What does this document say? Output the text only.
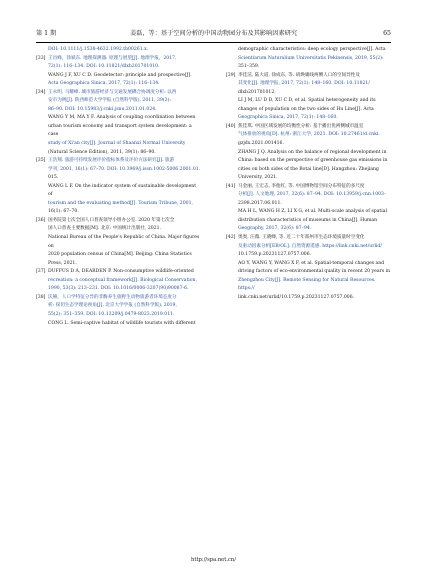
第 1 期	姜磊，等：基于空间分析的中国动物园分布及其影响因素研究	65

DOI: 10.1111/j.1538-4632.1992.tb00261.x.

[33] 王昌峰，徐斌东. 地理探测器: 原理与展望[J]. 地理学报，2017,

72(1): 116–134. DOI: 10.11821/dlxb201701010.

WANG J F, XU C D. Geodetector: principle and prospective[J].

Acta Geographica Sinica, 2017, 72(1): 116–134.

[34] 王永明, 马耀峰. 城市旅游经济与交通发展耦合协调度分析: 以西

安市为例[J]. 陕西师范大学学报 (自然科学版), 2011, 39(3):

86–90. DOI: 10.15983/j.cnki.jsnu.2011.01.024.

WANG Y M, MA Y F. Analysis of coupling coordination between

urban tourism economy and transport system development: a case

study of Xi'an city[J]. Journal of Shaanxi Normal University

(Natural Science Edition), 2011, 39(1): 86–90.

[35] 王浩翔. 旅游可持续发展评价指标体系及评价方法研究[J]. 旅游

学刊, 2001, 16(1): 67–70. DOI: 10.3969/j.issn.1002-5006.2001.01.

015.

WANG L F. On the indicator system of sustainable development of

tourism and the evaluating method[J]. Tourism Tribune, 2001,

16(1): 67–70.

[36] 国务院第七次全国人口普查领导小组办公室. 2020 年第七次全

国人口普查主要数据[M]. 北京: 中国统计出版社, 2021.

National Bureau of the People's Republic of China. Major figures on

2020 population census of China[M]. Beijing: China Statistics

Press, 2021.

[37] DUFFUS D A, DEARDEN P. Non-consumptive wildlife-oriented

recreation: a conceptual framework[J]. Biological Conservation,

1990, 53(3): 213–231. DOI: 10.1016/0006-3207(90)90087-6.

[38] 沃赫，人口学特征分异的非酶养生旅野生动物旅游者环境态度分

析: 探切生态学理论视角[J]. 北京大学学报 (自然科学版), 2019,

55(2): 351–359. DOI: 10.13209/j.0479-8023.2019.011.

CONG L. Semi-captive habitat of wildlife tourists with different

demographic characteristics: deep ecology perspective[J]. Acta

Scientiarum Naturalium Universitatis Pekinensis, 2019, 55(2):

351–359.

[39] 李佳洁, 陆大道, 徐成东, 等. 胡焕庸线两侧人口的空间异性及

其变化[J]. 地理学报, 2017, 72(1): 148–160. DOI: 10.11821/

dlxb201701012.

LI J M, LU D D, XU C D, et al. Spatial heterogeneity and its

changes of population on the two sides of Hu Line[J]. Acta

Geographica Sinica, 2017, 72(1): 148–160.

[40] 焦佳琪. 中国区域发展的均衡性分析: 基于播出优两侧城市温室

气体排放的视角[D]. 杭州: 浙江大学, 2021. DOI: 10.27461/d.cnki.

gzjdx.2021.001416.

ZHANG J Q. Analysis on the balance of regional development in

China: based on the perspective of greenhouse gas emissions in

cities on both sides of the Botai line[D]. Hangzhou: Zhejiang

University, 2021.

[41] 马金丽, 王宏志, 李他红, 等. 中国博物馆空间分布特征的多尺度

分析[J]. 人文地理, 2017, 32(6): 87–94. DOI: 10.13959/j.cnn.1003-

2398.2017.06.011.

MA H L, WANG H Z, LI X G, et al. Multi-scale analysis of spatial

distribution characteristics of museums in China[J]. Human

Geography, 2017, 32(6): 87–94.

[42] 奥奥, 汪薇, 王晓峰, 等. 近二十年郑州市生态环境质量时空变化

及驱动因素分析[EB/OL]. 自然资源遥感. https://link.cnki.net/urlid/

10.1759.p.20231127.0757.006.

AO Y, WANG Y, WANG X F, et al. Spatial-temporal changes and

driving factors of eco-environmental quality in recent 20 years in

Zhengzhou City[J]. Remote Sensing for Natural Resources. https://

link.cnki.net/urlid/10.1759.p.20231127.0757.006.

http://spa.net.cn/
